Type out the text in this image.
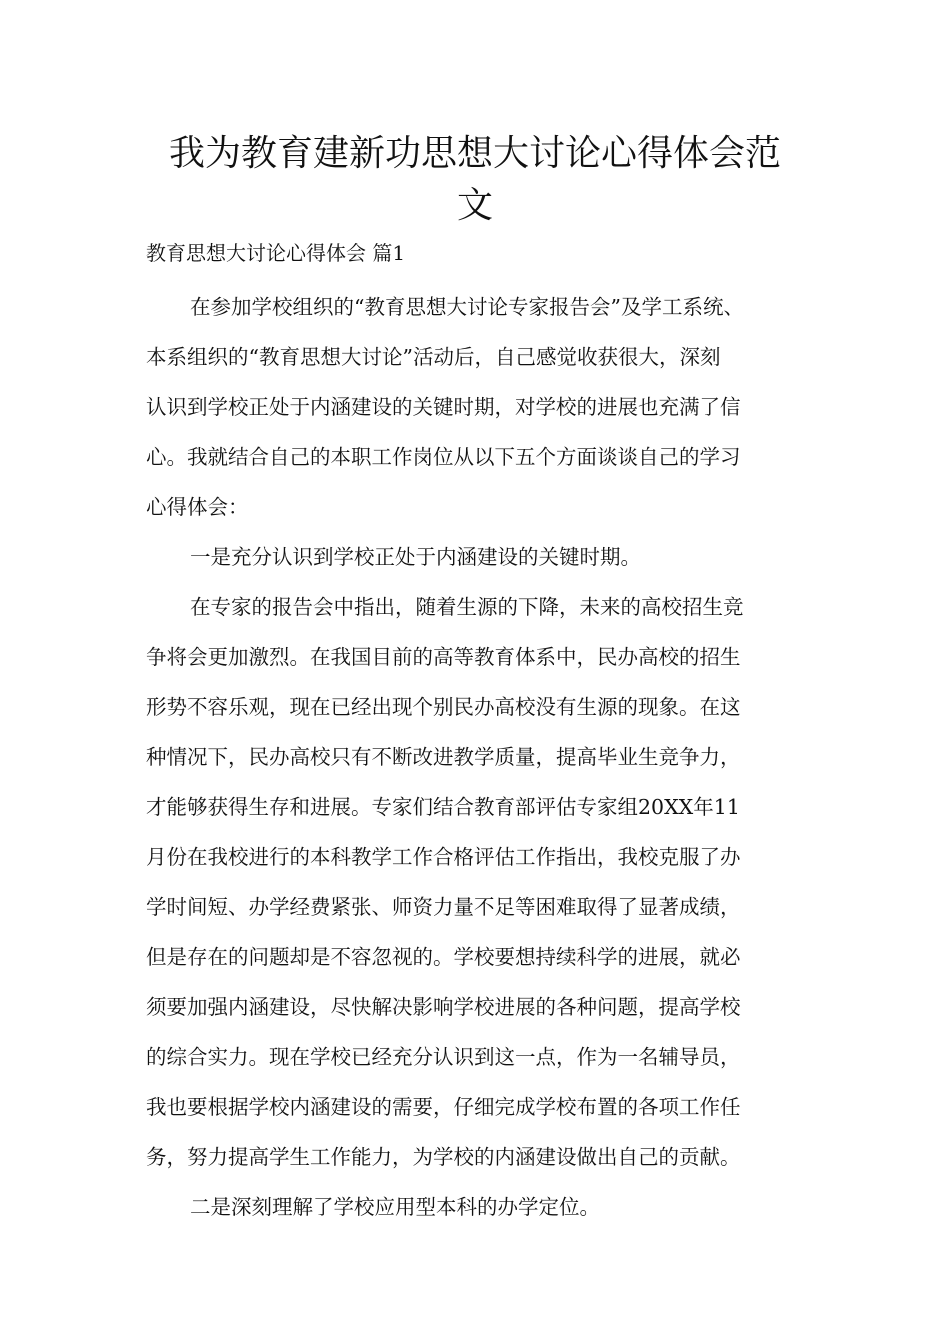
我为教育建新功思想大讨论心得体会范
文

教育思想大讨论心得体会 篇1

在参加学校组织的“教育思想大讨论专家报告会”及学工系统、
本系组织的“教育思想大讨论”活动后，自己感觉收获很大，深刻
认识到学校正处于内涵建设的关键时期，对学校的进展也充满了信
心。我就结合自己的本职工作岗位从以下五个方面谈谈自己的学习
心得体会：
一是充分认识到学校正处于内涵建设的关键时期。
在专家的报告会中指出，随着生源的下降，未来的高校招生竞
争将会更加激烈。在我国目前的高等教育体系中，民办高校的招生
形势不容乐观，现在已经出现个别民办高校没有生源的现象。在这
种情况下，民办高校只有不断改进教学质量，提高毕业生竞争力，
才能够获得生存和进展。专家们结合教育部评估专家组20XX年11
月份在我校进行的本科教学工作合格评估工作指出，我校克服了办
学时间短、办学经费紧张、师资力量不足等困难取得了显著成绩，
但是存在的问题却是不容忽视的。学校要想持续科学的进展，就必
须要加强内涵建设，尽快解决影响学校进展的各种问题，提高学校
的综合实力。现在学校已经充分认识到这一点，作为一名辅导员，
我也要根据学校内涵建设的需要，仔细完成学校布置的各项工作任
务，努力提高学生工作能力，为学校的内涵建设做出自己的贡献。
二是深刻理解了学校应用型本科的办学定位。
